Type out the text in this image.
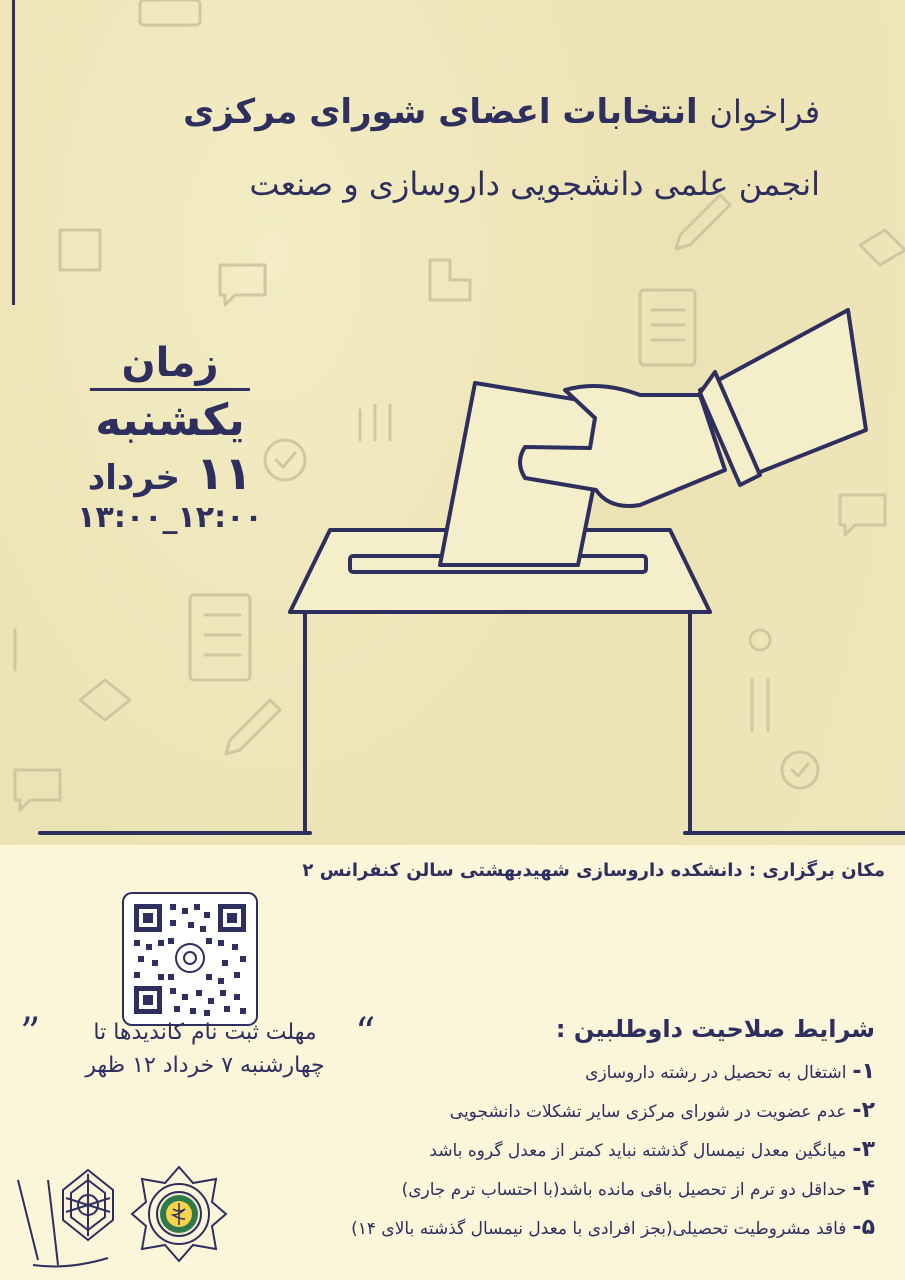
فراخوان انتخابات اعضای شورای مرکزی
انجمن علمی دانشجویی داروسازی و صنعت
زمان
یکشنبه
۱۱ خرداد
۱۲:۰۰_۱۳:۰۰
مکان برگزاری : دانشکده داروسازی شهیدبهشتی سالن کنفرانس ۲
مهلت ثبت نام کاندیدها تا
چهارشنبه ۷ خرداد ۱۲ ظهر
”	“	شرایط صلاحیت داوطلبین :
۱-اشتغال به تحصیل در رشته داروسازی
۲-عدم عضویت در شورای مرکزی سایر تشکلات دانشجویی
۳-میانگین معدل نیمسال گذشته نباید کمتر از معدل گروه باشد
۴-حداقل دو ترم از تحصیل باقی مانده باشد(با احتساب ترم جاری)
۵-فاقد مشروطیت تحصیلی(بجز افرادی با معدل نیمسال گذشته بالای ۱۴)
